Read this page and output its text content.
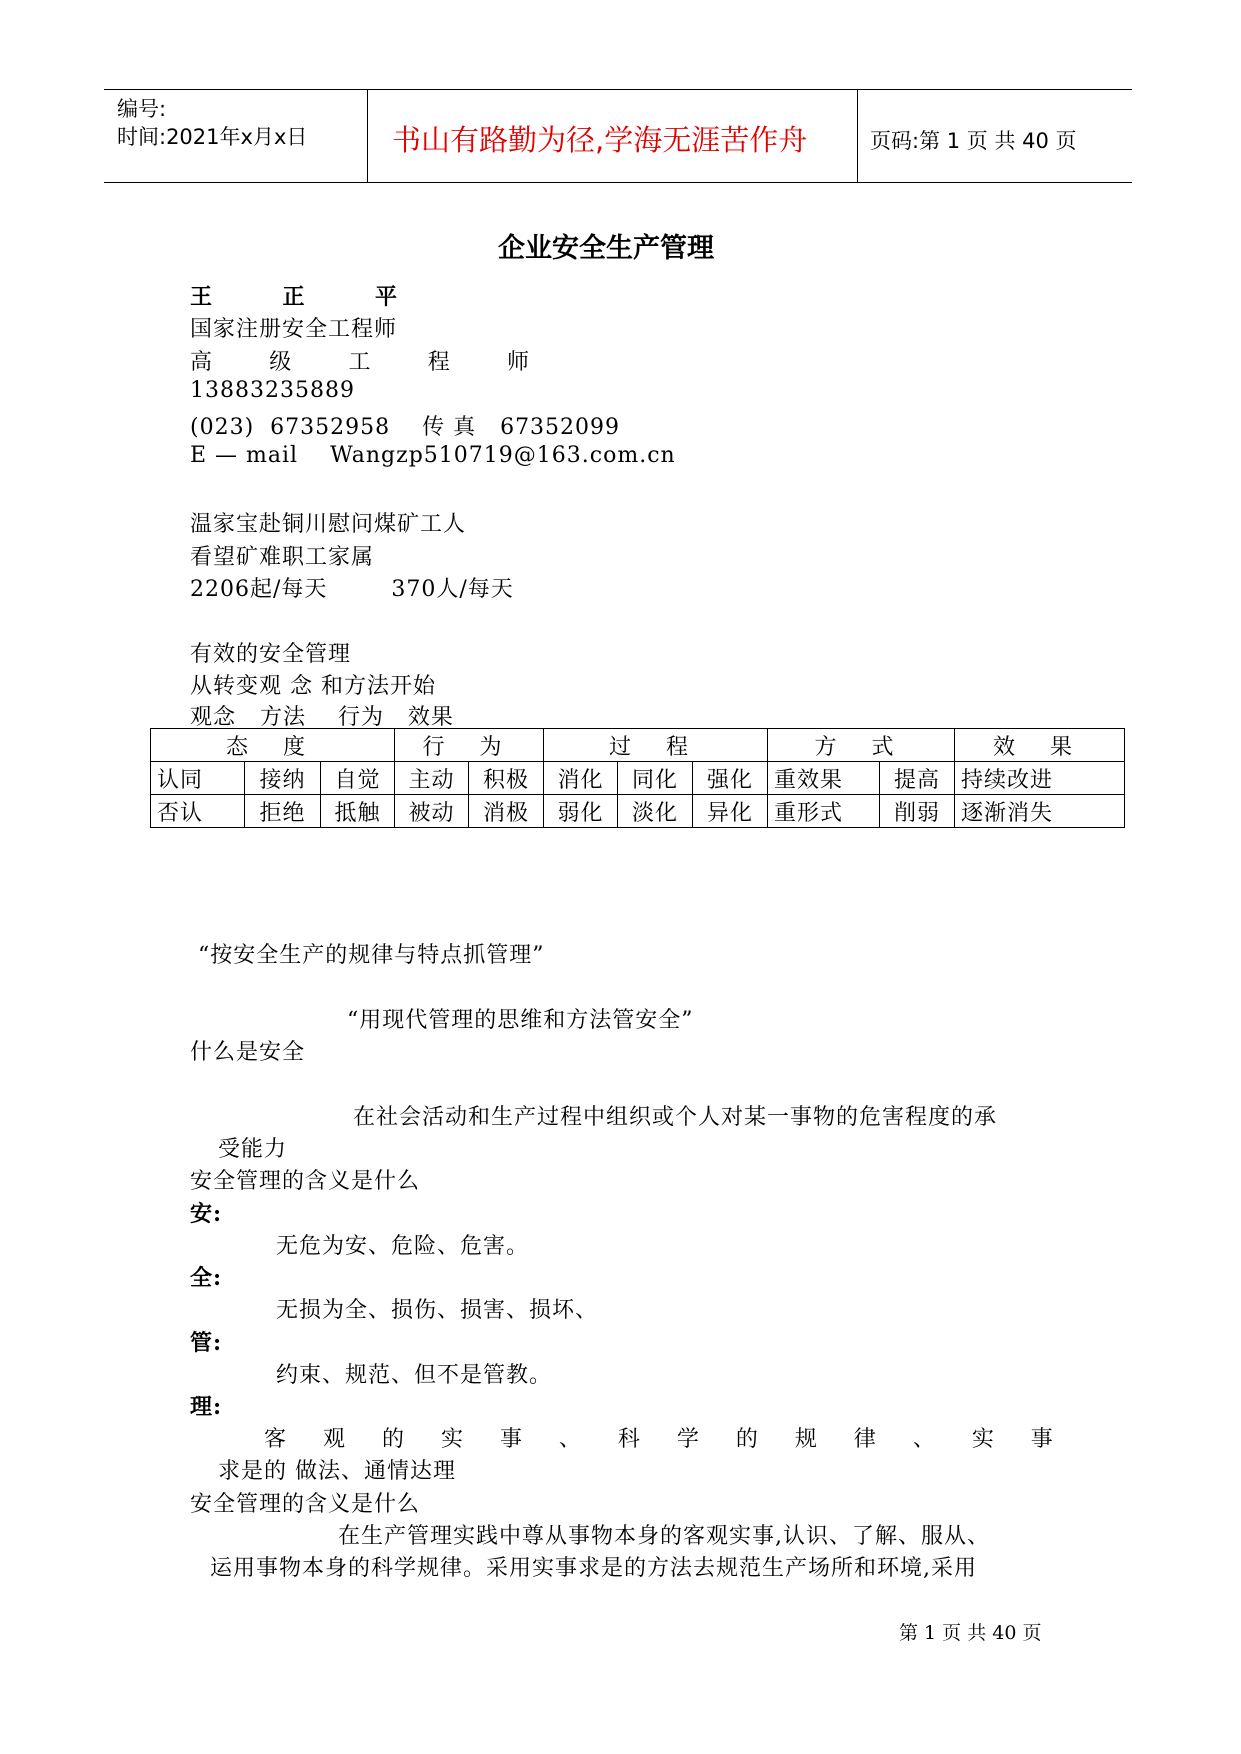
编号:
时间:2021年x月x日	书山有路勤为径,学海无涯苦作舟	页码:第 1 页 共 40 页
企业安全生产管理
王	正	平
国家注册安全工程师
高	级	工	程	师
13883235889
(023)  67352958    传 真   67352099
E — mail    Wangzp510719@163.com.cn
温家宝赴铜川慰问煤矿工人
看望矿难职工家属
2206起/每天        370人/每天
有效的安全管理
从转变观 念 和方法开始
观念   方法    行为   效果
态 度			行 为		过 程			方 式		效 果
认同	接纳	自觉	主动	积极	消化	同化	强化	重效果	提高	持续改进
否认	拒绝	抵触	被动	消极	弱化	淡化	异化	重形式	削弱	逐渐消失
“按安全生产的规律与特点抓管理”
“用现代管理的思维和方法管安全”
什么是安全
在社会活动和生产过程中组织或个人对某一事物的危害程度的承
受能力
安全管理的含义是什么
安:
无危为安、危险、危害。
全:
无损为全、损伤、损害、损坏、
管:
约束、规范、但不是管教。
理:
客 观 的 实 事 、 科 学 的 规 律 、 实 事
求是的 做法、通情达理
安全管理的含义是什么
在生产管理实践中尊从事物本身的客观实事,认识、了解、服从、
运用事物本身的科学规律。采用实事求是的方法去规范生产场所和环境,采用
第 1 页 共 40 页
